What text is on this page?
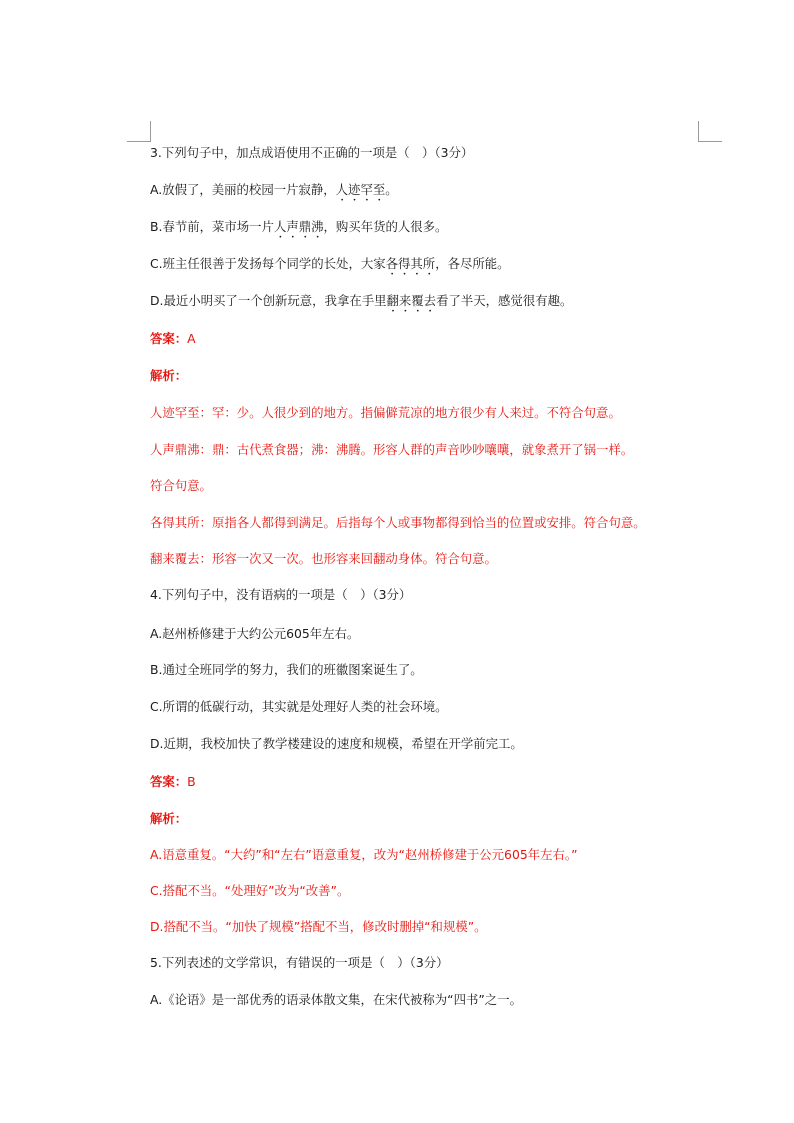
3.下列句子中，加点成语使用不正确的一项是（　）（3分）
A.放假了，美丽的校园一片寂静，人迹罕至。
B.春节前，菜市场一片人声鼎沸，购买年货的人很多。
C.班主任很善于发扬每个同学的长处，大家各得其所，各尽所能。
D.最近小明买了一个创新玩意，我拿在手里翻来覆去看了半天，感觉很有趣。
答案：A
解析：
人迹罕至：罕：少。人很少到的地方。指偏僻荒凉的地方很少有人来过。不符合句意。
人声鼎沸：鼎：古代煮食器；沸：沸腾。形容人群的声音吵吵嚷嚷，就象煮开了锅一样。
符合句意。
各得其所：原指各人都得到满足。后指每个人或事物都得到恰当的位置或安排。符合句意。
翻来覆去：形容一次又一次。也形容来回翻动身体。符合句意。
4.下列句子中，没有语病的一项是（　）（3分）
A.赵州桥修建于大约公元605年左右。
B.通过全班同学的努力，我们的班徽图案诞生了。
C.所谓的低碳行动，其实就是处理好人类的社会环境。
D.近期，我校加快了教学楼建设的速度和规模，希望在开学前完工。
答案：B
解析：
A.语意重复。“大约”和“左右”语意重复，改为“赵州桥修建于公元605年左右。”
C.搭配不当。“处理好”改为“改善”。
D.搭配不当。“加快了规模”搭配不当，修改时删掉“和规模”。
5.下列表述的文学常识，有错误的一项是（　）（3分）
A.《论语》是一部优秀的语录体散文集，在宋代被称为“四书”之一。
